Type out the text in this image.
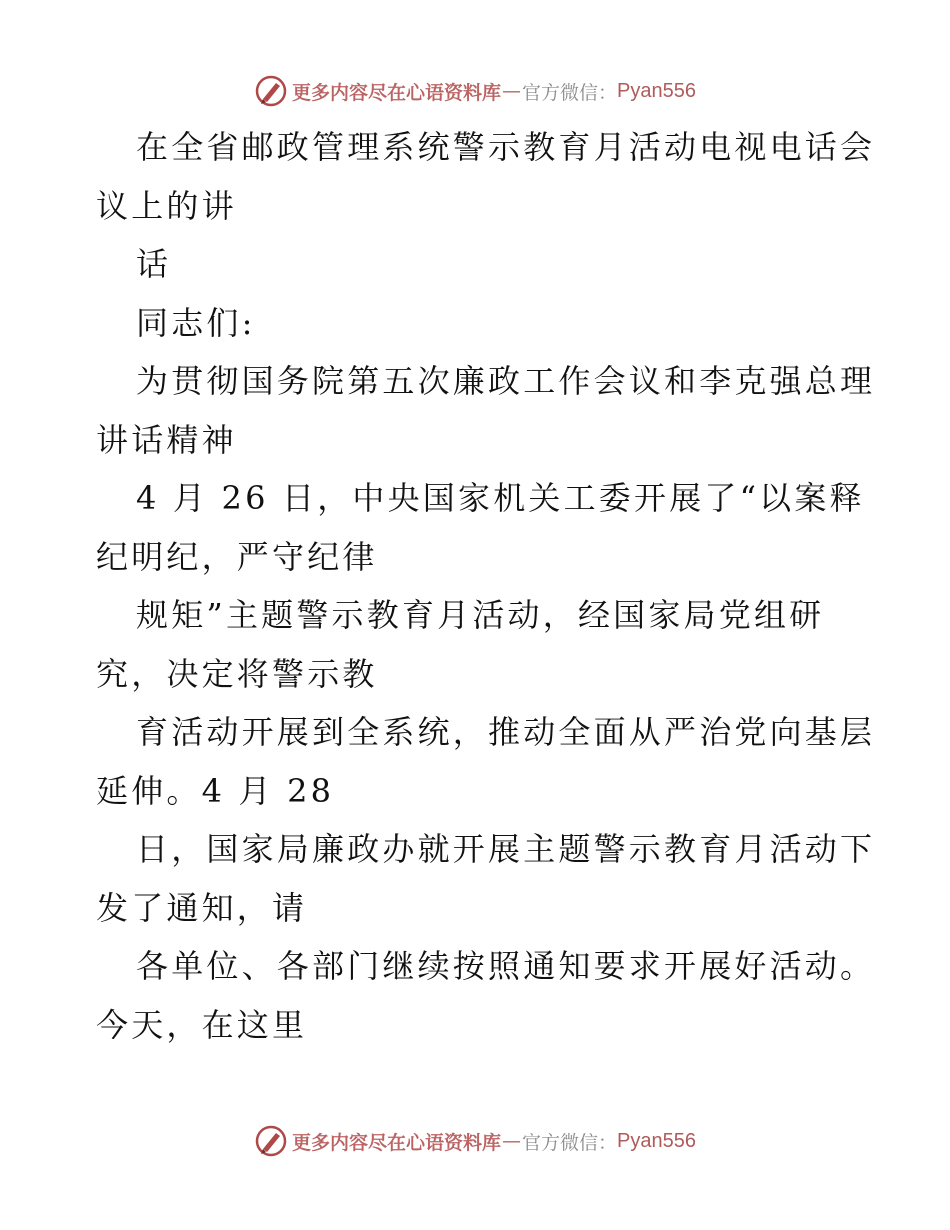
更多内容尽在心语资料库 — 官方微信： Pyan556
在全省邮政管理系统警示教育月活动电视电话会
议上的讲
话
同志们:
为贯彻国务院第五次廉政工作会议和李克强总理
讲话精神
4 月 26 日，中央国家机关工委开展了“以案释
纪明纪，严守纪律
规矩”主题警示教育月活动，经国家局党组研
究，决定将警示教
育活动开展到全系统，推动全面从严治党向基层
延伸。4 月 28
日，国家局廉政办就开展主题警示教育月活动下
发了通知，请
各单位、各部门继续按照通知要求开展好活动。
今天，在这里
更多内容尽在心语资料库 — 官方微信： Pyan556
